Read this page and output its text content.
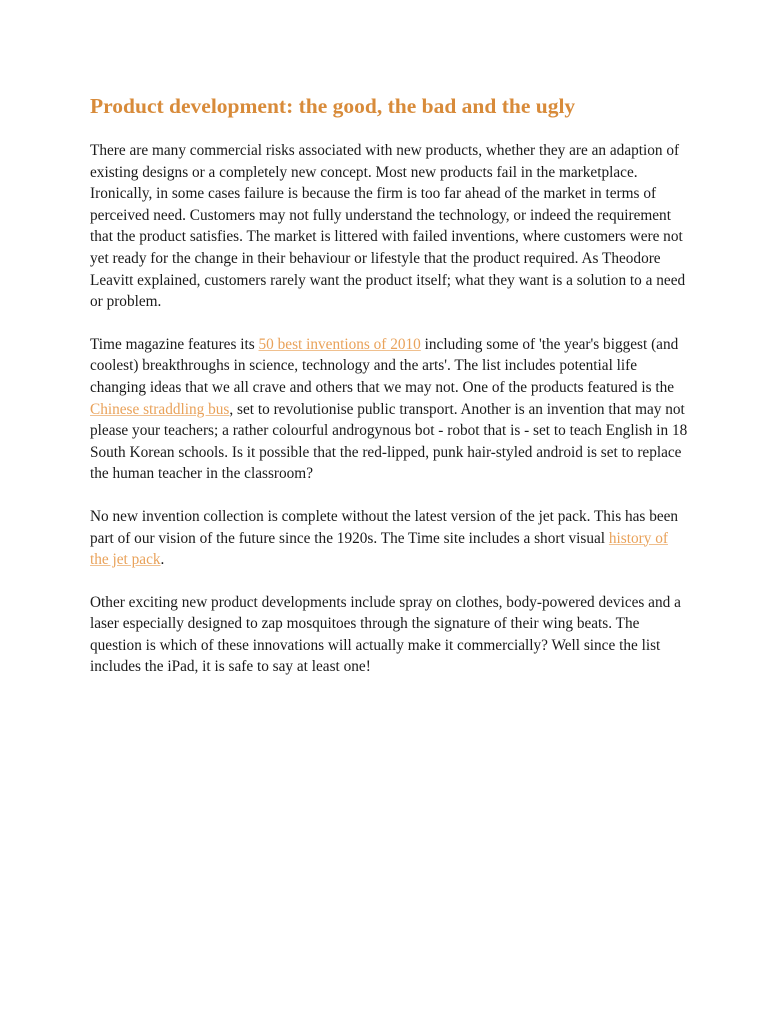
Product development: the good, the bad and the ugly

There are many commercial risks associated with new products, whether they are an adaption of existing designs or a completely new concept. Most new products fail in the marketplace. Ironically, in some cases failure is because the firm is too far ahead of the market in terms of perceived need. Customers may not fully understand the technology, or indeed the requirement that the product satisfies. The market is littered with failed inventions, where customers were not yet ready for the change in their behaviour or lifestyle that the product required. As Theodore Leavitt explained, customers rarely want the product itself; what they want is a solution to a need or problem.

Time magazine features its 50 best inventions of 2010 including some of 'the year's biggest (and coolest) breakthroughs in science, technology and the arts'. The list includes potential life changing ideas that we all crave and others that we may not. One of the products featured is the Chinese straddling bus, set to revolutionise public transport. Another is an invention that may not please your teachers; a rather colourful androgynous bot - robot that is - set to teach English in 18 South Korean schools. Is it possible that the red-lipped, punk hair-styled android is set to replace the human teacher in the classroom?

No new invention collection is complete without the latest version of the jet pack. This has been part of our vision of the future since the 1920s. The Time site includes a short visual history of the jet pack.

Other exciting new product developments include spray on clothes, body-powered devices and a laser especially designed to zap mosquitoes through the signature of their wing beats. The question is which of these innovations will actually make it commercially? Well since the list includes the iPad, it is safe to say at least one!
